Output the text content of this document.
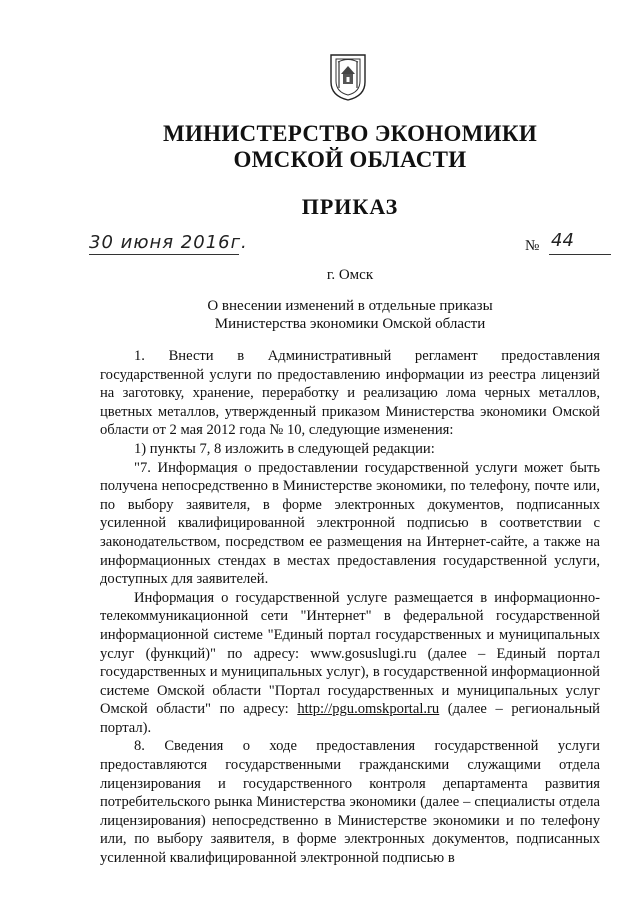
МИНИСТЕРСТВО ЭКОНОМИКИ
ОМСКОЙ ОБЛАСТИ
ПРИКАЗ
30 июня 2016г.	№ 44
г. Омск
О внесении изменений в отдельные приказы
Министерства экономики Омской области

1. Внести в Административный регламент предоставления государственной услуги по предоставлению информации из реестра лицензий на заготовку, хранение, переработку и реализацию лома черных металлов, цветных металлов, утвержденный приказом Министерства экономики Омской области от 2 мая 2012 года № 10, следующие изменения:

1) пункты 7, 8 изложить в следующей редакции:

"7. Информация о предоставлении государственной услуги может быть получена непосредственно в Министерстве экономики, по телефону, почте или, по выбору заявителя, в форме электронных документов, подписанных усиленной квалифицированной электронной подписью в соответствии с законодательством, посредством ее размещения на Интернет-сайте, а также на информационных стендах в местах предоставления государственной услуги, доступных для заявителей.

Информация о государственной услуге размещается в информационно-телекоммуникационной сети "Интернет" в федеральной государственной информационной системе "Единый портал государственных и муниципальных услуг (функций)" по адресу: www.gosuslugi.ru (далее – Единый портал государственных и муниципальных услуг), в государственной информационной системе Омской области "Портал государственных и муниципальных услуг Омской области" по адресу: http://pgu.omskportal.ru (далее – региональный портал).

8. Сведения о ходе предоставления государственной услуги предоставляются государственными гражданскими служащими отдела лицензирования и государственного контроля департамента развития потребительского рынка Министерства экономики (далее – специалисты отдела лицензирования) непосредственно в Министерстве экономики и по телефону или, по выбору заявителя, в форме электронных документов, подписанных усиленной квалифицированной электронной подписью в
